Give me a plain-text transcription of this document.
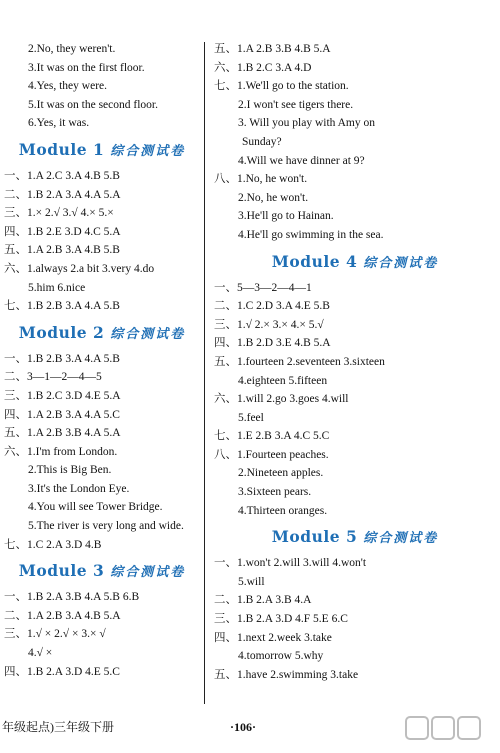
2.No, they weren't.
3.It was on the first floor.
4.Yes, they were.
5.It was on the second floor.
6.Yes, it was.
Module 1 综合测试卷
一、1.A 2.C 3.A 4.B 5.B
二、1.B 2.A 3.A 4.A 5.A
三、1.× 2.√ 3.√ 4.× 5.×
四、1.B 2.E 3.D 4.C 5.A
五、1.A 2.B 3.A 4.B 5.B
六、1.always 2.a bit 3.very 4.do
5.him 6.nice
七、1.B 2.B 3.A 4.A 5.B
Module 2 综合测试卷
一、1.B 2.B 3.A 4.A 5.B
二、3—1—2—4—5
三、1.B 2.C 3.D 4.E 5.A
四、1.A 2.B 3.A 4.A 5.C
五、1.A 2.B 3.B 4.A 5.A
六、1.I'm from London.
2.This is Big Ben.
3.It's the London Eye.
4.You will see Tower Bridge.
5.The river is very long and wide.
七、1.C 2.A 3.D 4.B
Module 3 综合测试卷
一、1.B 2.A 3.B 4.A 5.B 6.B
二、1.A 2.B 3.A 4.B 5.A
三、1.√ × 2.√ × 3.× √
4.√ ×
四、1.B 2.A 3.D 4.E 5.C
五、1.A 2.B 3.B 4.B 5.A
六、1.B 2.C 3.A 4.D
七、1.We'll go to the station.
2.I won't see tigers there.
3. Will you play with Amy on
Sunday?
4.Will we have dinner at 9?
八、1.No, he won't.
2.No, he won't.
3.He'll go to Hainan.
4.He'll go swimming in the sea.
Module 4 综合测试卷
一、5—3—2—4—1
二、1.C 2.D 3.A 4.E 5.B
三、1.√ 2.× 3.× 4.× 5.√
四、1.B 2.D 3.E 4.B 5.A
五、1.fourteen 2.seventeen 3.sixteen
4.eighteen 5.fifteen
六、1.will 2.go 3.goes 4.will
5.feel
七、1.E 2.B 3.A 4.C 5.C
八、1.Fourteen peaches.
2.Nineteen apples.
3.Sixteen pears.
4.Thirteen oranges.
Module 5 综合测试卷
一、1.won't 2.will 3.will 4.won't
5.will
二、1.B 2.A 3.B 4.A
三、1.B 2.A 3.D 4.F 5.E 6.C
四、1.next 2.week 3.take
4.tomorrow 5.why
五、1.have 2.swimming 3.take
年级起点)三年级下册	·106·
